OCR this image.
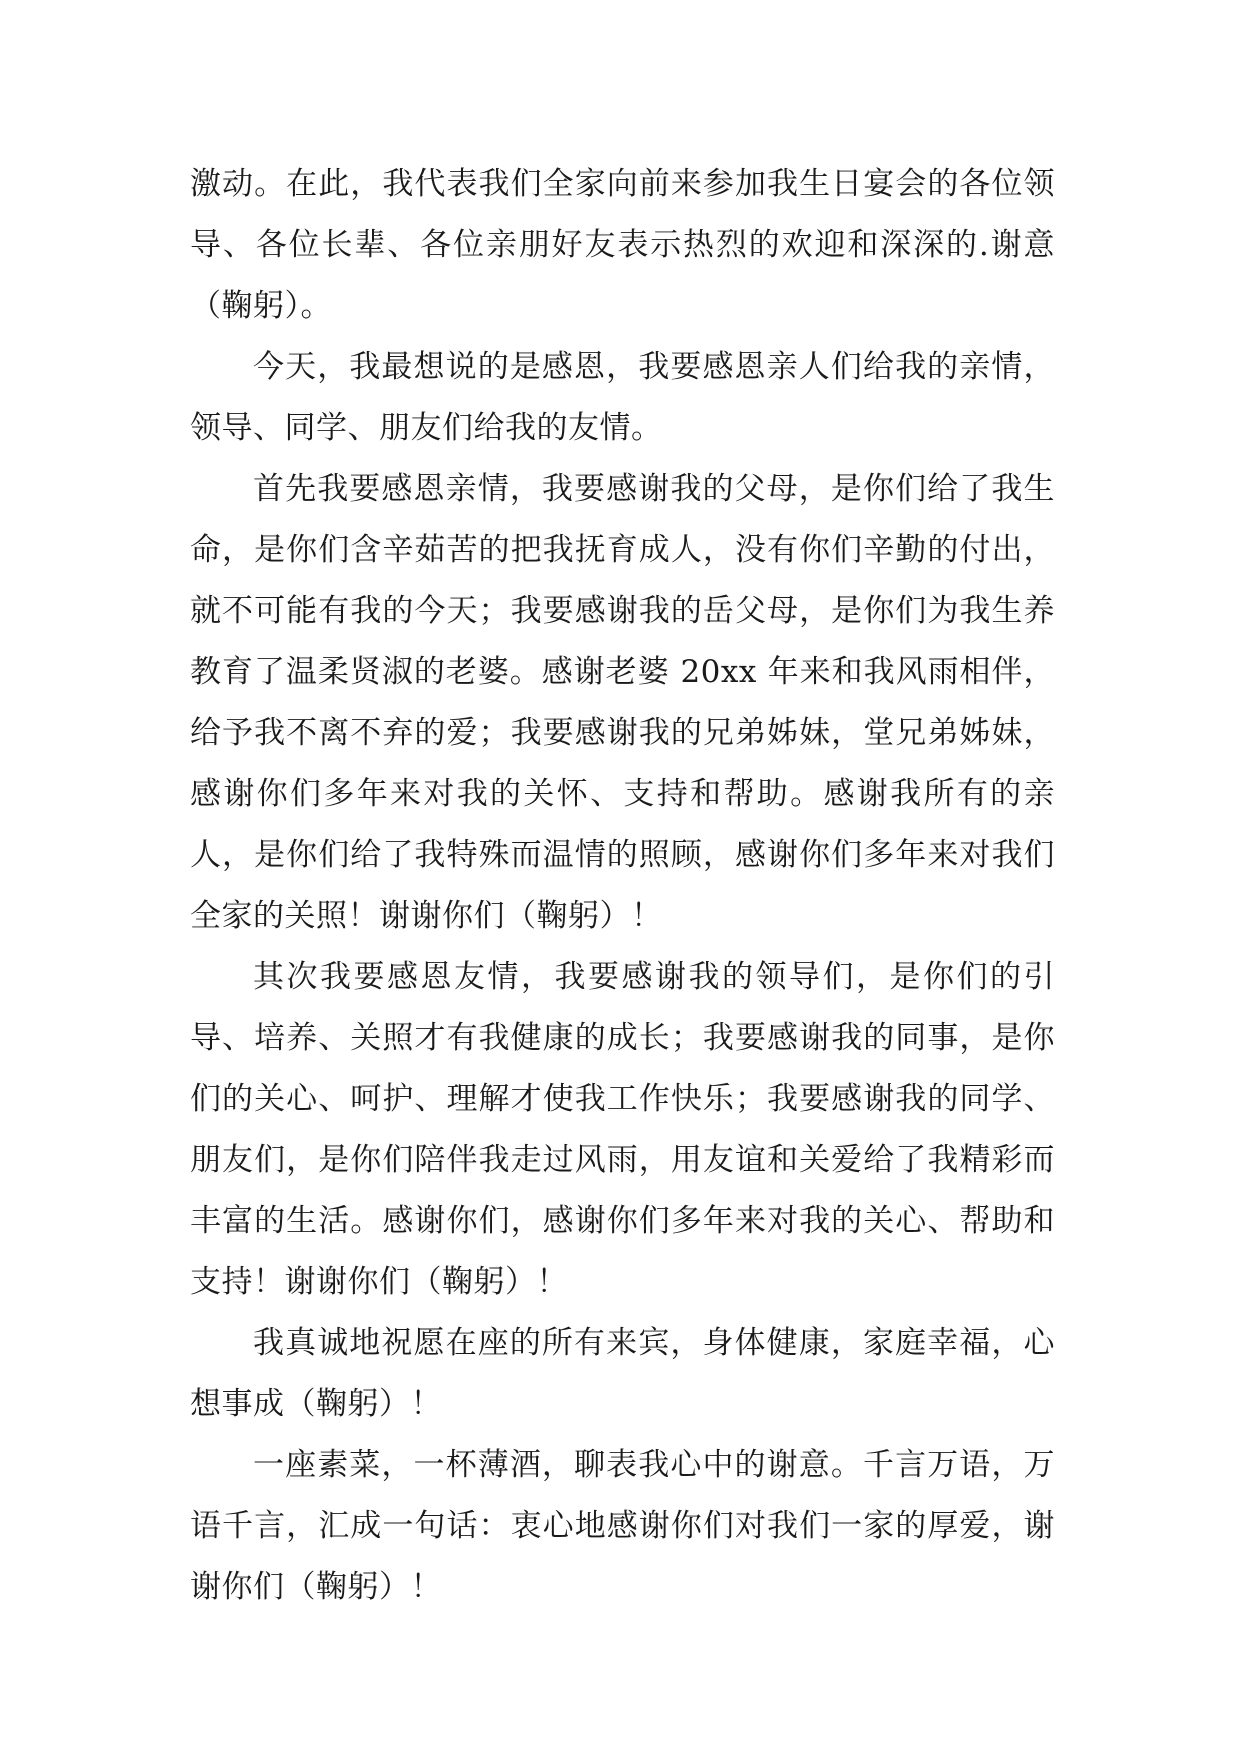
激动。在此，我代表我们全家向前来参加我生日宴会的各位领导、各位长辈、各位亲朋好友表示热烈的欢迎和深深的.谢意（鞠躬）。

今天，我最想说的是感恩，我要感恩亲人们给我的亲情，领导、同学、朋友们给我的友情。

首先我要感恩亲情，我要感谢我的父母，是你们给了我生命，是你们含辛茹苦的把我抚育成人，没有你们辛勤的付出，就不可能有我的今天；我要感谢我的岳父母，是你们为我生养教育了温柔贤淑的老婆。感谢老婆 20xx 年来和我风雨相伴，给予我不离不弃的爱；我要感谢我的兄弟姊妹，堂兄弟姊妹，感谢你们多年来对我的关怀、支持和帮助。感谢我所有的亲人，是你们给了我特殊而温情的照顾，感谢你们多年来对我们全家的关照！谢谢你们（鞠躬）！

其次我要感恩友情，我要感谢我的领导们，是你们的引导、培养、关照才有我健康的成长；我要感谢我的同事，是你们的关心、呵护、理解才使我工作快乐；我要感谢我的同学、朋友们，是你们陪伴我走过风雨，用友谊和关爱给了我精彩而丰富的生活。感谢你们，感谢你们多年来对我的关心、帮助和支持！谢谢你们（鞠躬）！

我真诚地祝愿在座的所有来宾，身体健康，家庭幸福，心想事成（鞠躬）！

一座素菜，一杯薄酒，聊表我心中的谢意。千言万语，万语千言，汇成一句话：衷心地感谢你们对我们一家的厚爱，谢谢你们（鞠躬）！
